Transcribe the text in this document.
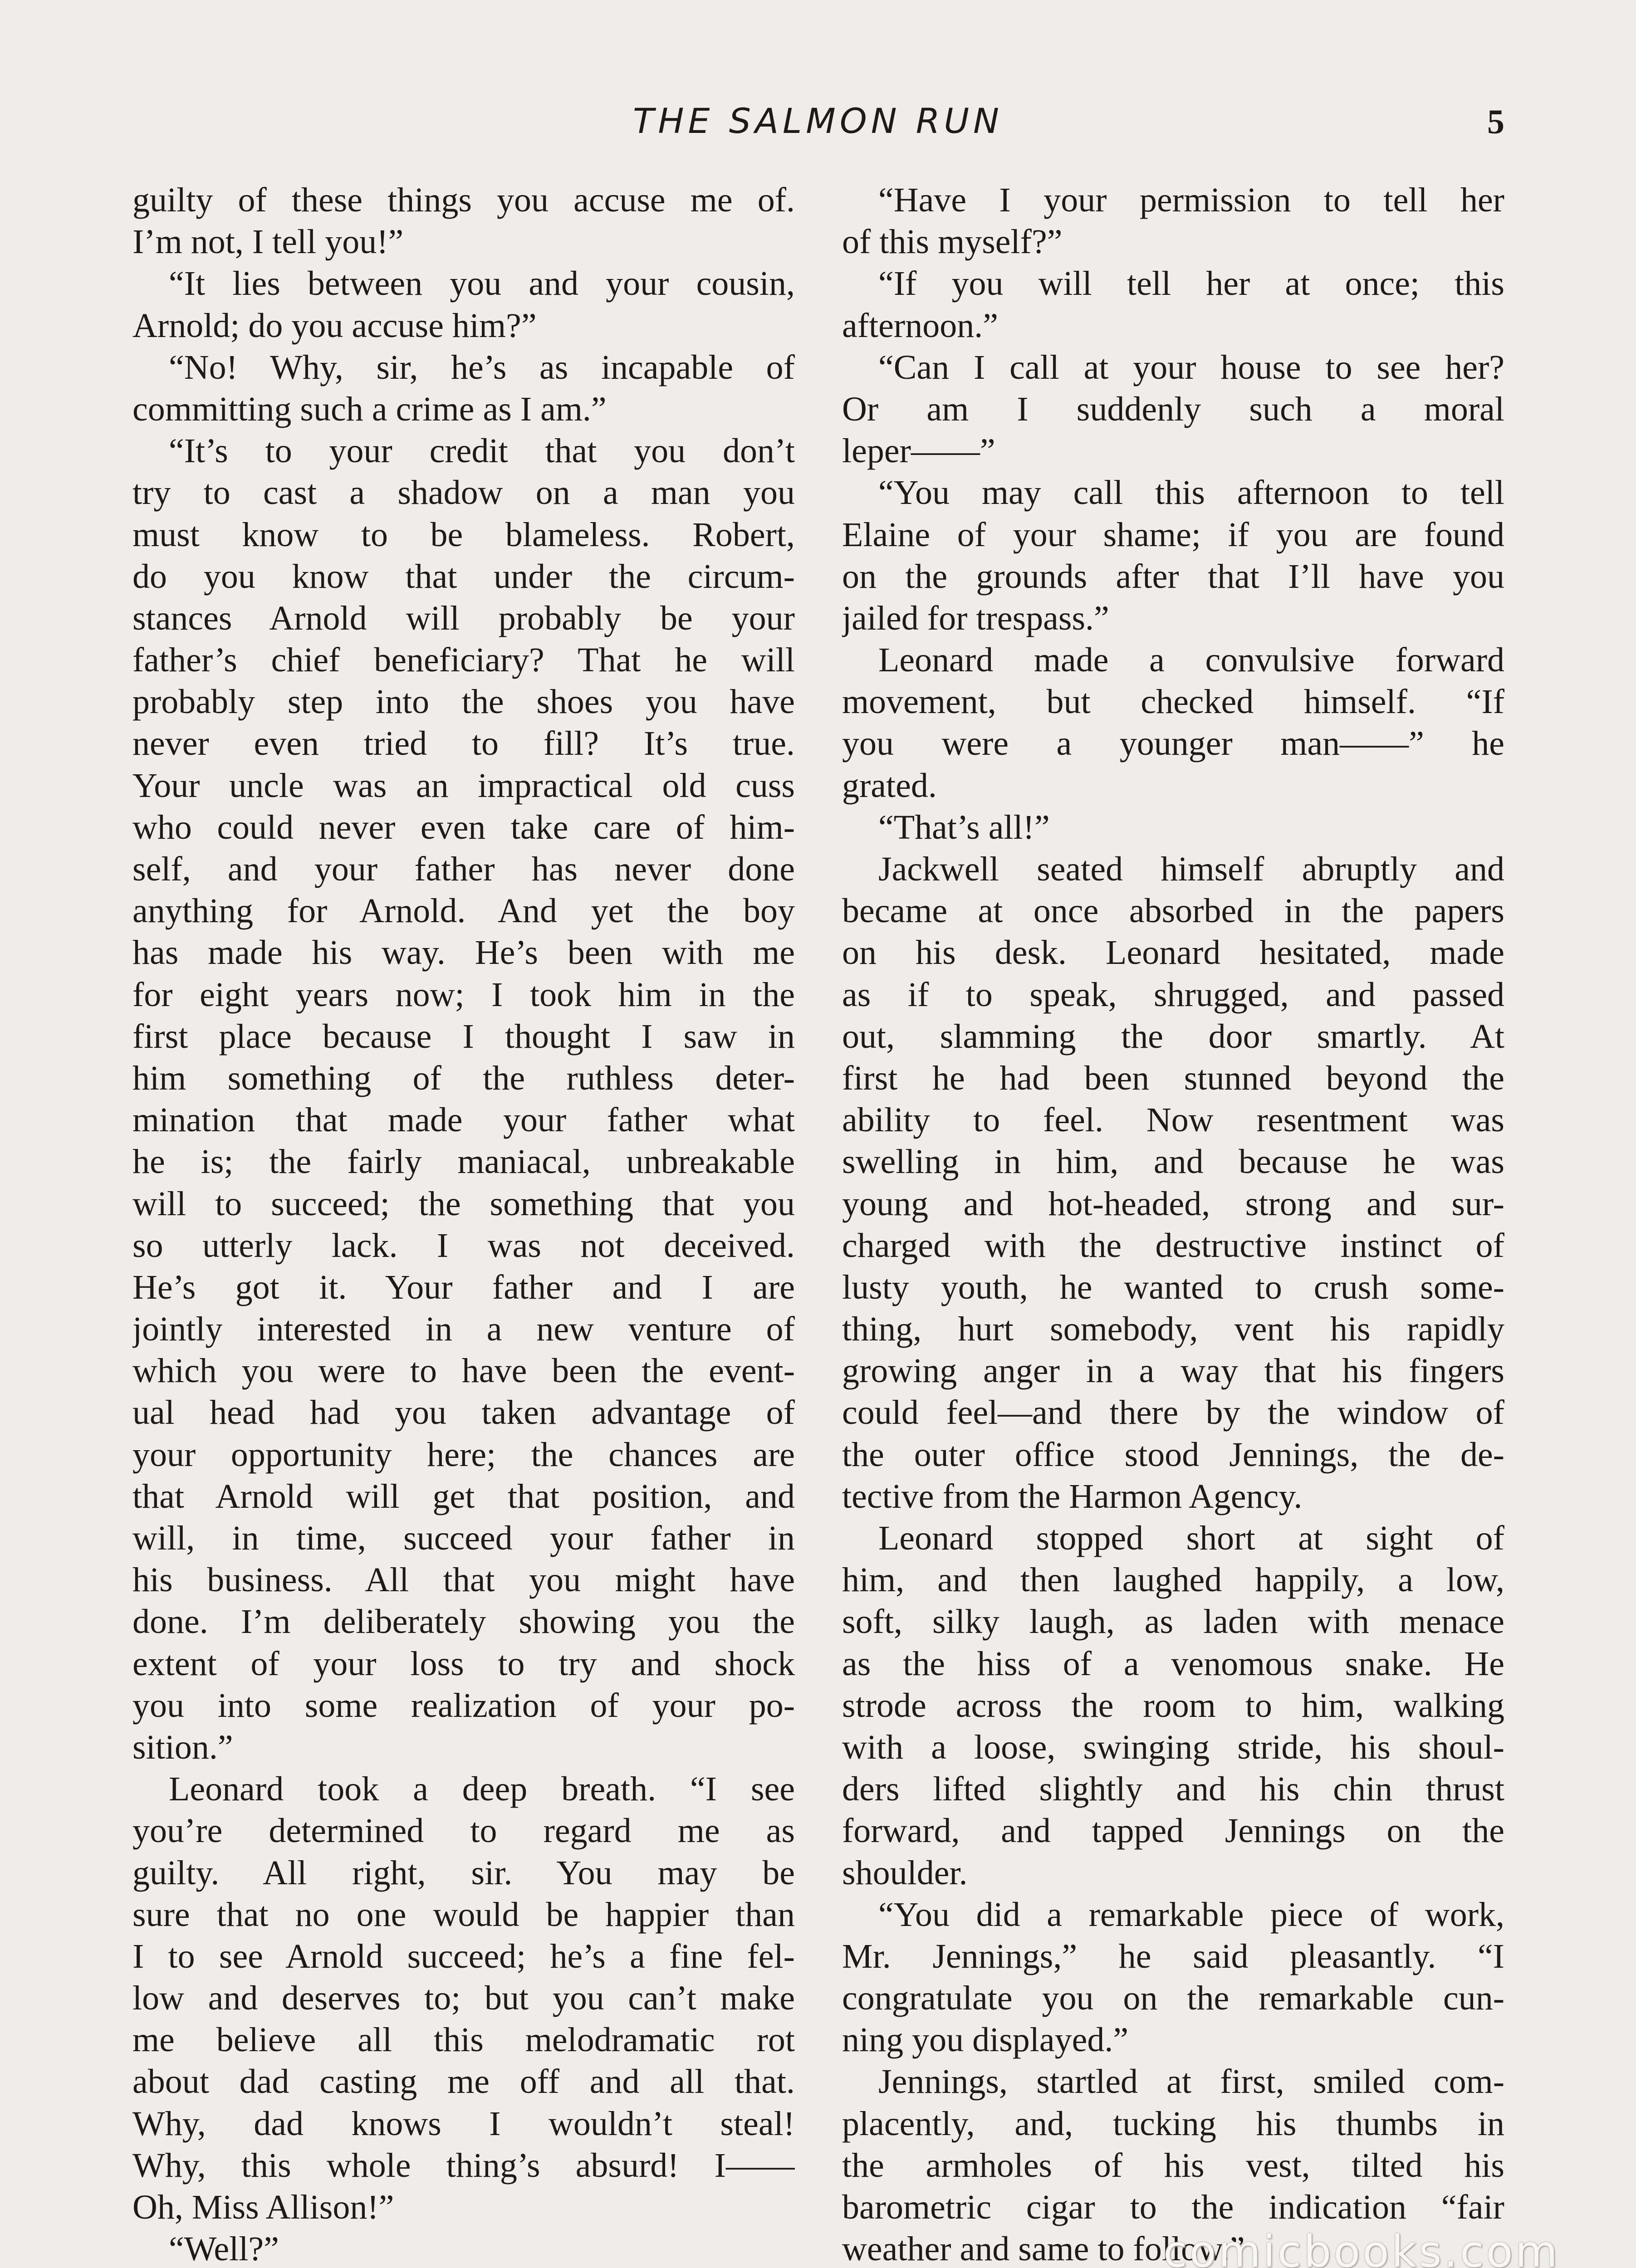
THE SALMON RUN	5
guilty of these things you accuse me of.
I’m not, I tell you!”
“It lies between you and your cousin,
Arnold; do you accuse him?”
“No! Why, sir, he’s as incapable of
committing such a crime as I am.”
“It’s to your credit that you don’t
try to cast a shadow on a man you
must know to be blameless. Robert,
do you know that under the circum-
stances Arnold will probably be your
father’s chief beneficiary? That he will
probably step into the shoes you have
never even tried to fill? It’s true.
Your uncle was an impractical old cuss
who could never even take care of him-
self, and your father has never done
anything for Arnold. And yet the boy
has made his way. He’s been with me
for eight years now; I took him in the
first place because I thought I saw in
him something of the ruthless deter-
mination that made your father what
he is; the fairly maniacal, unbreakable
will to succeed; the something that you
so utterly lack. I was not deceived.
He’s got it. Your father and I are
jointly interested in a new venture of
which you were to have been the event-
ual head had you taken advantage of
your opportunity here; the chances are
that Arnold will get that position, and
will, in time, succeed your father in
his business. All that you might have
done. I’m deliberately showing you the
extent of your loss to try and shock
you into some realization of your po-
sition.”
Leonard took a deep breath. “I see
you’re determined to regard me as
guilty. All right, sir. You may be
sure that no one would be happier than
I to see Arnold succeed; he’s a fine fel-
low and deserves to; but you can’t make
me believe all this melodramatic rot
about dad casting me off and all that.
Why, dad knows I wouldn’t steal!
Why, this whole thing’s absurd! I——
Oh, Miss Allison!”
“Well?”
“Have I your permission to tell her
of this myself?”
“If you will tell her at once; this
afternoon.”
“Can I call at your house to see her?
Or am I suddenly such a moral
leper——”
“You may call this afternoon to tell
Elaine of your shame; if you are found
on the grounds after that I’ll have you
jailed for trespass.”
Leonard made a convulsive forward
movement, but checked himself. “If
you were a younger man——” he
grated.
“That’s all!”
Jackwell seated himself abruptly and
became at once absorbed in the papers
on his desk. Leonard hesitated, made
as if to speak, shrugged, and passed
out, slamming the door smartly. At
first he had been stunned beyond the
ability to feel. Now resentment was
swelling in him, and because he was
young and hot-headed, strong and sur-
charged with the destructive instinct of
lusty youth, he wanted to crush some-
thing, hurt somebody, vent his rapidly
growing anger in a way that his fingers
could feel—and there by the window of
the outer office stood Jennings, the de-
tective from the Harmon Agency.
Leonard stopped short at sight of
him, and then laughed happily, a low,
soft, silky laugh, as laden with menace
as the hiss of a venomous snake. He
strode across the room to him, walking
with a loose, swinging stride, his shoul-
ders lifted slightly and his chin thrust
forward, and tapped Jennings on the
shoulder.
“You did a remarkable piece of work,
Mr. Jennings,” he said pleasantly. “I
congratulate you on the remarkable cun-
ning you displayed.”
Jennings, startled at first, smiled com-
placently, and, tucking his thumbs in
the armholes of his vest, tilted his
barometric cigar to the indication “fair
weather and same to follow.”
comicbooks.com
